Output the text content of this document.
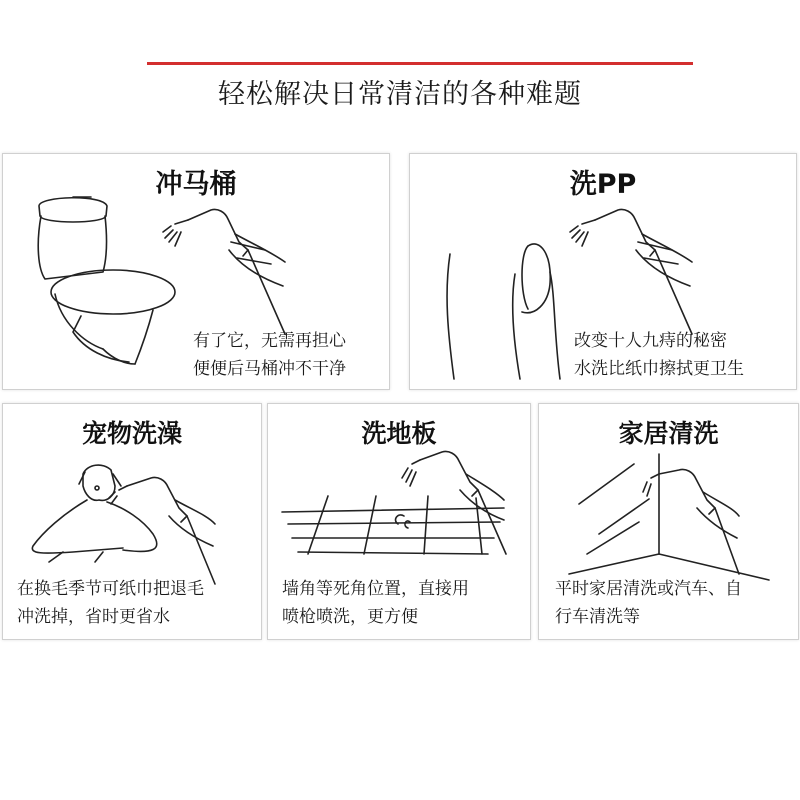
轻松解决日常清洁的各种难题
冲马桶
有了它，无需再担心
便便后马桶冲不干净
洗PP
改变十人九痔的秘密
水洗比纸巾擦拭更卫生
宠物洗澡
在换毛季节可纸巾把退毛
冲洗掉，省时更省水
洗地板
墙角等死角位置，直接用
喷枪喷洗，更方便
家居清洗
平时家居清洗或汽车、自
行车清洗等
